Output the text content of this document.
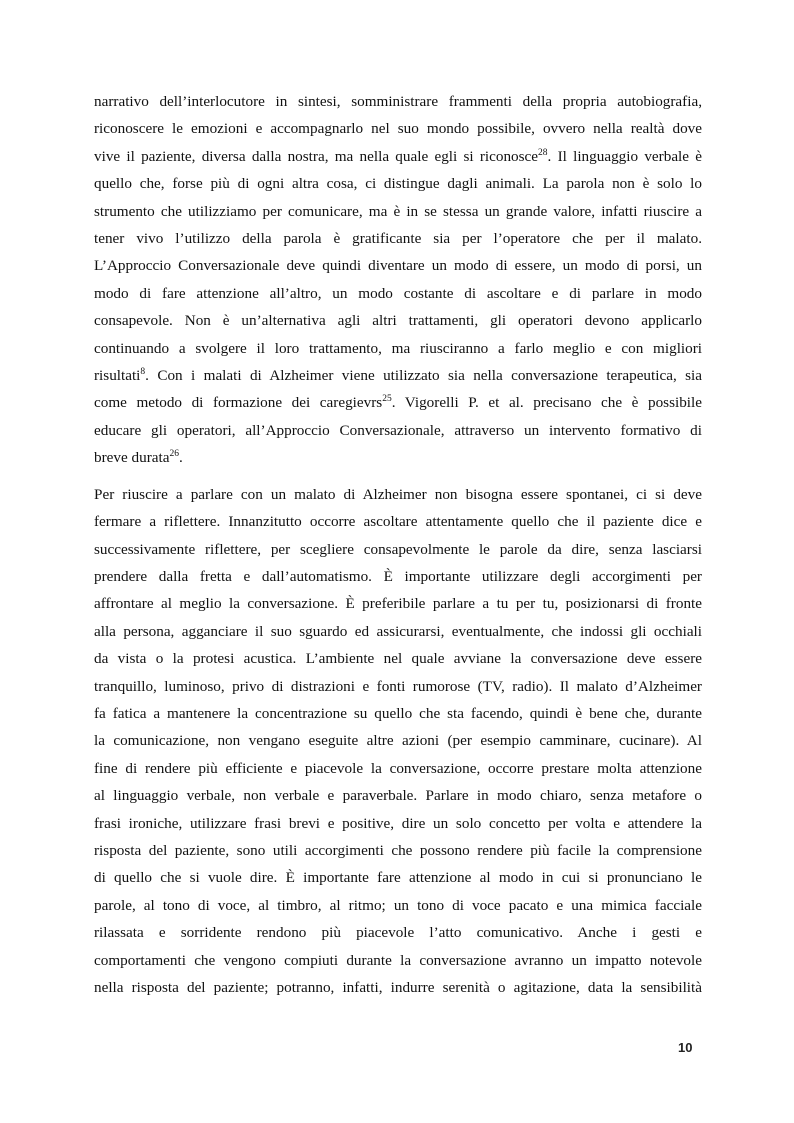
narrativo dell’interlocutore in sintesi, somministrare frammenti della propria autobiografia,
riconoscere le emozioni e accompagnarlo nel suo mondo possibile, ovvero nella realtà dove
vive il paziente, diversa dalla nostra, ma nella quale egli si riconosce$^{28}$. Il linguaggio verbale è
quello che, forse più di ogni altra cosa, ci distingue dagli animali. La parola non è solo lo
strumento che utilizziamo per comunicare, ma è in se stessa un grande valore, infatti riuscire a
tener vivo l’utilizzo della parola è gratificante sia per l’operatore che per il malato.
L’Approccio Conversazionale deve quindi diventare un modo di essere, un modo di porsi, un
modo di fare attenzione all’altro, un modo costante di ascoltare e di parlare in modo
consapevole. Non è un’alternativa agli altri trattamenti, gli operatori devono applicarlo
continuando a svolgere il loro trattamento, ma riusciranno a farlo meglio e con migliori
risultati$^8$. Con i malati di Alzheimer viene utilizzato sia nella conversazione terapeutica, sia
come metodo di formazione dei caregievrs$^{25}$. Vigorelli P. et al. precisano che è possibile
educare gli operatori, all’Approccio Conversazionale, attraverso un intervento formativo di
breve durata$^{26}$.

Per riuscire a parlare con un malato di Alzheimer non bisogna essere spontanei, ci si deve
fermare a riflettere. Innanzitutto occorre ascoltare attentamente quello che il paziente dice e
successivamente riflettere, per scegliere consapevolmente le parole da dire, senza lasciarsi
prendere dalla fretta e dall’automatismo. È importante utilizzare degli accorgimenti per
affrontare al meglio la conversazione. È preferibile parlare a tu per tu, posizionarsi di fronte
alla persona, agganciare il suo sguardo ed assicurarsi, eventualmente, che indossi gli occhiali
da vista o la protesi acustica. L’ambiente nel quale avviane la conversazione deve essere
tranquillo, luminoso, privo di distrazioni e fonti rumorose (TV, radio). Il malato d’Alzheimer
fa fatica a mantenere la concentrazione su quello che sta facendo, quindi è bene che, durante
la comunicazione, non vengano eseguite altre azioni (per esempio camminare, cucinare). Al
fine di rendere più efficiente e piacevole la conversazione, occorre prestare molta attenzione
al linguaggio verbale, non verbale e paraverbale. Parlare in modo chiaro, senza metafore o
frasi ironiche, utilizzare frasi brevi e positive, dire un solo concetto per volta e attendere la
risposta del paziente, sono utili accorgimenti che possono rendere più facile la comprensione
di quello che si vuole dire. È importante fare attenzione al modo in cui si pronunciano le
parole, al tono di voce, al timbro, al ritmo; un tono di voce pacato e una mimica facciale
rilassata e sorridente rendono più piacevole l’atto comunicativo. Anche i gesti e
comportamenti che vengono compiuti durante la conversazione avranno un impatto notevole
nella risposta del paziente; potranno, infatti, indurre serenità o agitazione, data la sensibilità

10
